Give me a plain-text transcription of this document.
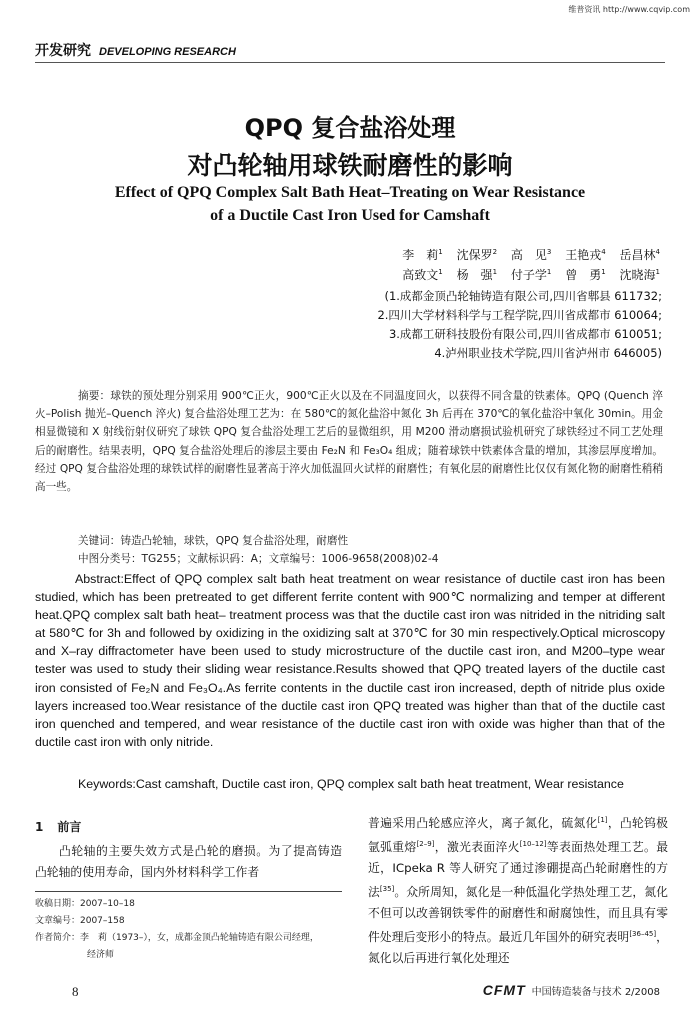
维普资讯 http://www.cqvip.com
开发研究 DEVELOPING RESEARCH
QPQ 复合盐浴处理
对凸轮轴用球铁耐磨性的影响
Effect of QPQ Complex Salt Bath Heat–Treating on Wear Resistance
of a Ductile Cast Iron Used for Camshaft
李　莉$^1$ 沈保罗$^2$ 高　见$^3$ 王艳戎$^4$ 岳昌林$^4$
高致文$^1$ 杨　强$^1$ 付子学$^1$ 曾　勇$^1$ 沈晓海$^1$
(1.成都金顶凸轮轴铸造有限公司,四川省郫县 611732;
2.四川大学材料科学与工程学院,四川省成都市 610064;
3.成都工研科技股份有限公司,四川省成都市 610051;
4.泸州职业技术学院,四川省泸州市 646005)
摘要：球铁的预处理分别采用 900℃正火，900℃正火以及在不同温度回火，以获得不同含量的铁素体。QPQ (Quench 淬火–Polish 抛光–Quench 淬火) 复合盐浴处理工艺为：在 580℃的氮化盐浴中氮化 3h 后再在 370℃的氧化盐浴中氧化 30min。用金相显微镜和 X 射线衍射仪研究了球铁 QPQ 复合盐浴处理工艺后的显微组织，用 M200 滑动磨损试验机研究了球铁经过不同工艺处理后的耐磨性。结果表明，QPQ 复合盐浴处理后的渗层主要由 Fe₂N 和 Fe₃O₄ 组成；随着球铁中铁素体含量的增加，其渗层厚度增加。经过 QPQ 复合盐浴处理的球铁试样的耐磨性显著高于淬火加低温回火试样的耐磨性；有氧化层的耐磨性比仅仅有氮化物的耐磨性稍稍高一些。
关键词：铸造凸轮轴，球铁，QPQ 复合盐浴处理，耐磨性
中图分类号：TG255；文献标识码：A；文章编号：1006-9658(2008)02-4
Abstract:Effect of QPQ complex salt bath heat treatment on wear resistance of ductile cast iron has been studied, which has been pretreated to get different ferrite content with 900℃ normalizing and temper at different heat.QPQ complex salt bath heat– treatment process was that the ductile cast iron was nitrided in the nitriding salt at 580℃ for 3h and followed by oxidizing in the oxidizing salt at 370℃ for 30 min respectively.Optical microscopy and X–ray diffractometer have been used to study microstructure of the ductile cast iron, and M200–type wear tester was used to study their sliding wear resistance.Results showed that QPQ treated layers of the ductile cast iron consisted of Fe₂N and Fe₃O₄.As ferrite contents in the ductile cast iron increased, depth of nitride plus oxide layers increased too.Wear resistance of the ductile cast iron QPQ treated was higher than that of the ductile cast iron quenched and tempered, and wear resistance of the ductile cast iron with oxide was higher than that of the ductile cast iron with only nitride.
Keywords:Cast camshaft, Ductile cast iron, QPQ complex salt bath heat treatment, Wear resistance
1 前言
凸轮轴的主要失效方式是凸轮的磨损。为了提高铸造凸轮轴的使用寿命，国内外材料科学工作者
普遍采用凸轮感应淬火，离子氮化，硫氮化[1]，凸轮钨极氩弧重熔[2–9]，激光表面淬火[10–12]等表面热处理工艺。最近，ICpeka R 等人研究了通过渗硼提高凸轮耐磨性的方法[35]。众所周知，氮化是一种低温化学热处理工艺，氮化不但可以改善钢铁零件的耐磨性和耐腐蚀性，而且具有零件处理后变形小的特点。最近几年国外的研究表明[36–45]，氮化以后再进行氧化处理还
收稿日期：2007–10–18
文章编号：2007–158
作者简介：李　莉（1973–），女，成都金顶凸轮轴铸造有限公司经理，
经济师
8	CFMT 中国铸造装备与技术 2/2008
